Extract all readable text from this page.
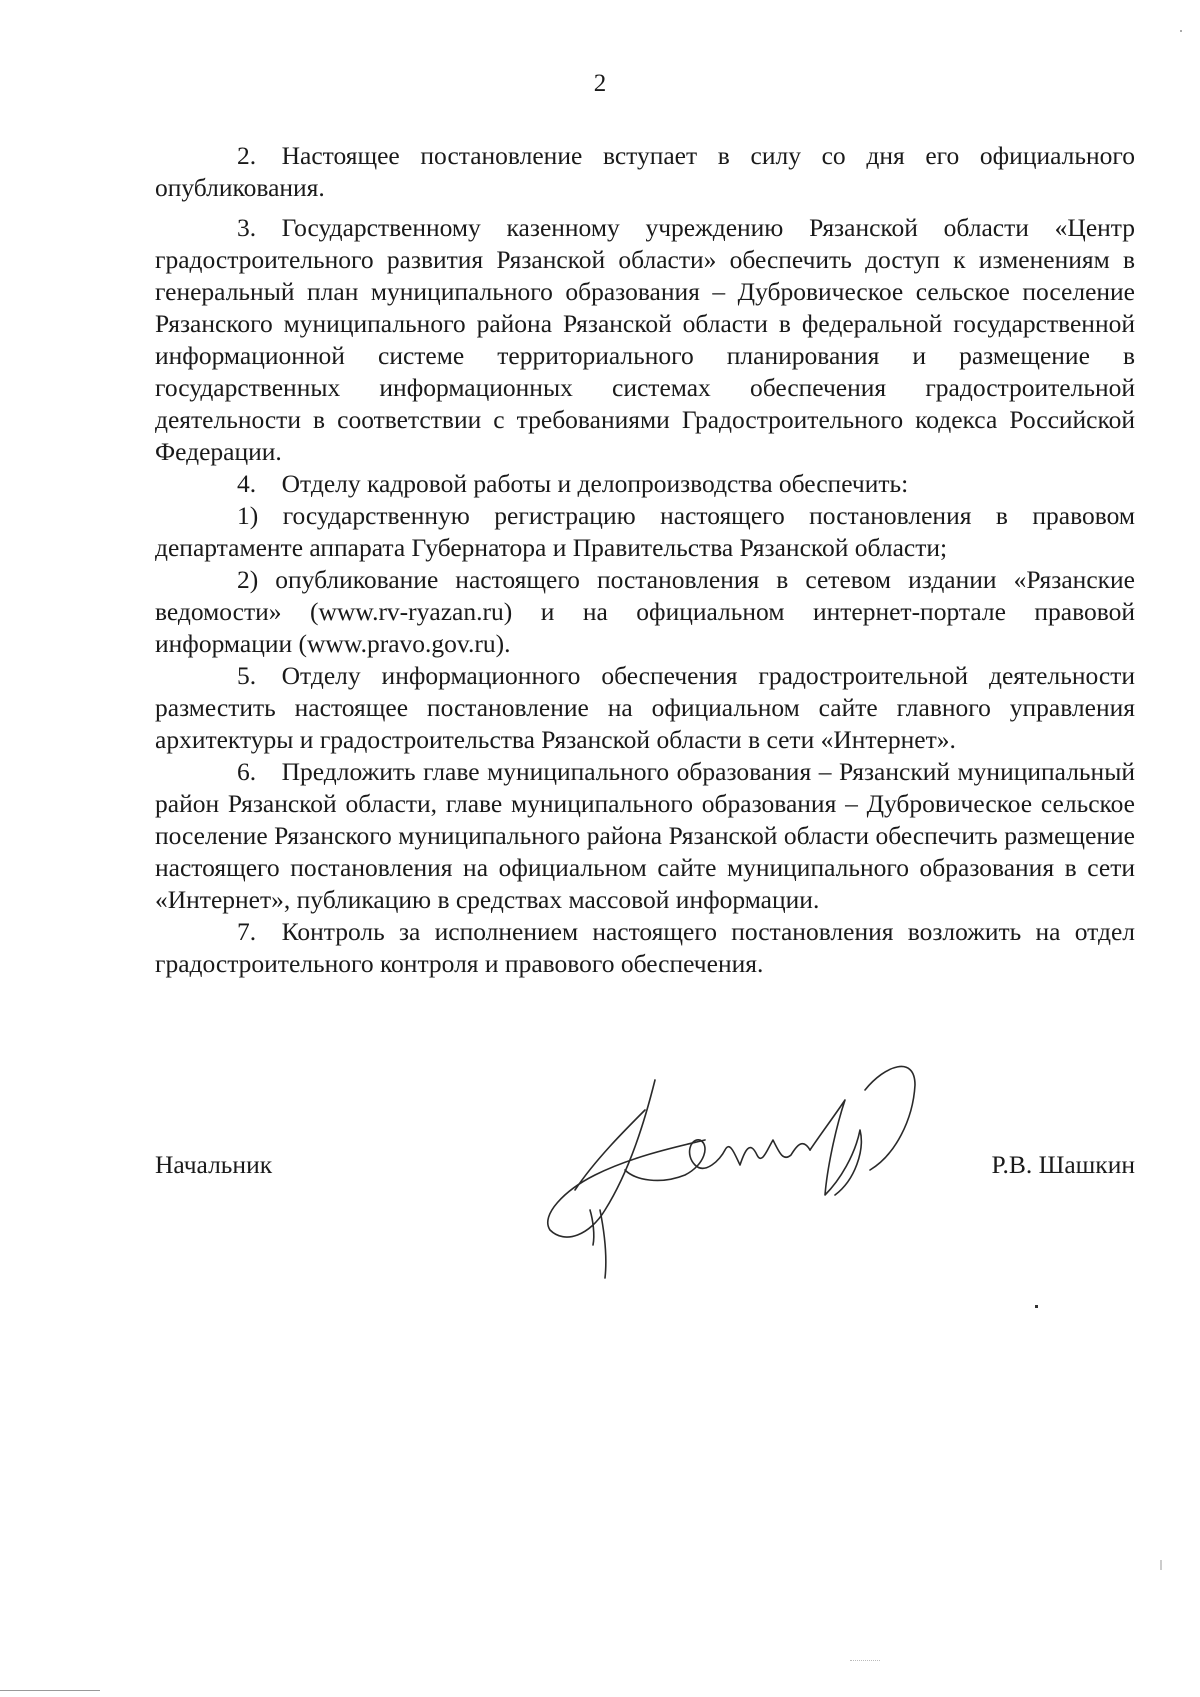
2

2. Настоящее постановление вступает в силу со дня его официального опубликования.

3. Государственному казенному учреждению Рязанской области «Центр градостроительного развития Рязанской области» обеспечить доступ к изменениям в генеральный план муниципального образования – Дубровическое сельское поселение Рязанского муниципального района Рязанской области в федеральной государственной информационной системе территориального планирования и размещение в государственных информационных системах обеспечения градостроительной деятельности в соответствии с требованиями Градостроительного кодекса Российской Федерации.

4. Отделу кадровой работы и делопроизводства обеспечить:

1) государственную регистрацию настоящего постановления в правовом департаменте аппарата Губернатора и Правительства Рязанской области;

2) опубликование настоящего постановления в сетевом издании «Рязанские ведомости» (www.rv-ryazan.ru) и на официальном интернет-портале правовой информации (www.pravo.gov.ru).

5. Отделу информационного обеспечения градостроительной деятельности разместить настоящее постановление на официальном сайте главного управления архитектуры и градостроительства Рязанской области в сети «Интернет».

6. Предложить главе муниципального образования – Рязанский муниципальный район Рязанской области, главе муниципального образования – Дубровическое сельское поселение Рязанского муниципального района Рязанской области обеспечить размещение настоящего постановления на официальном сайте муниципального образования в сети «Интернет», публикацию в средствах массовой информации.

7. Контроль за исполнением настоящего постановления возложить на отдел градостроительного контроля и правового обеспечения.

Начальник	Р.В. Шашкин
